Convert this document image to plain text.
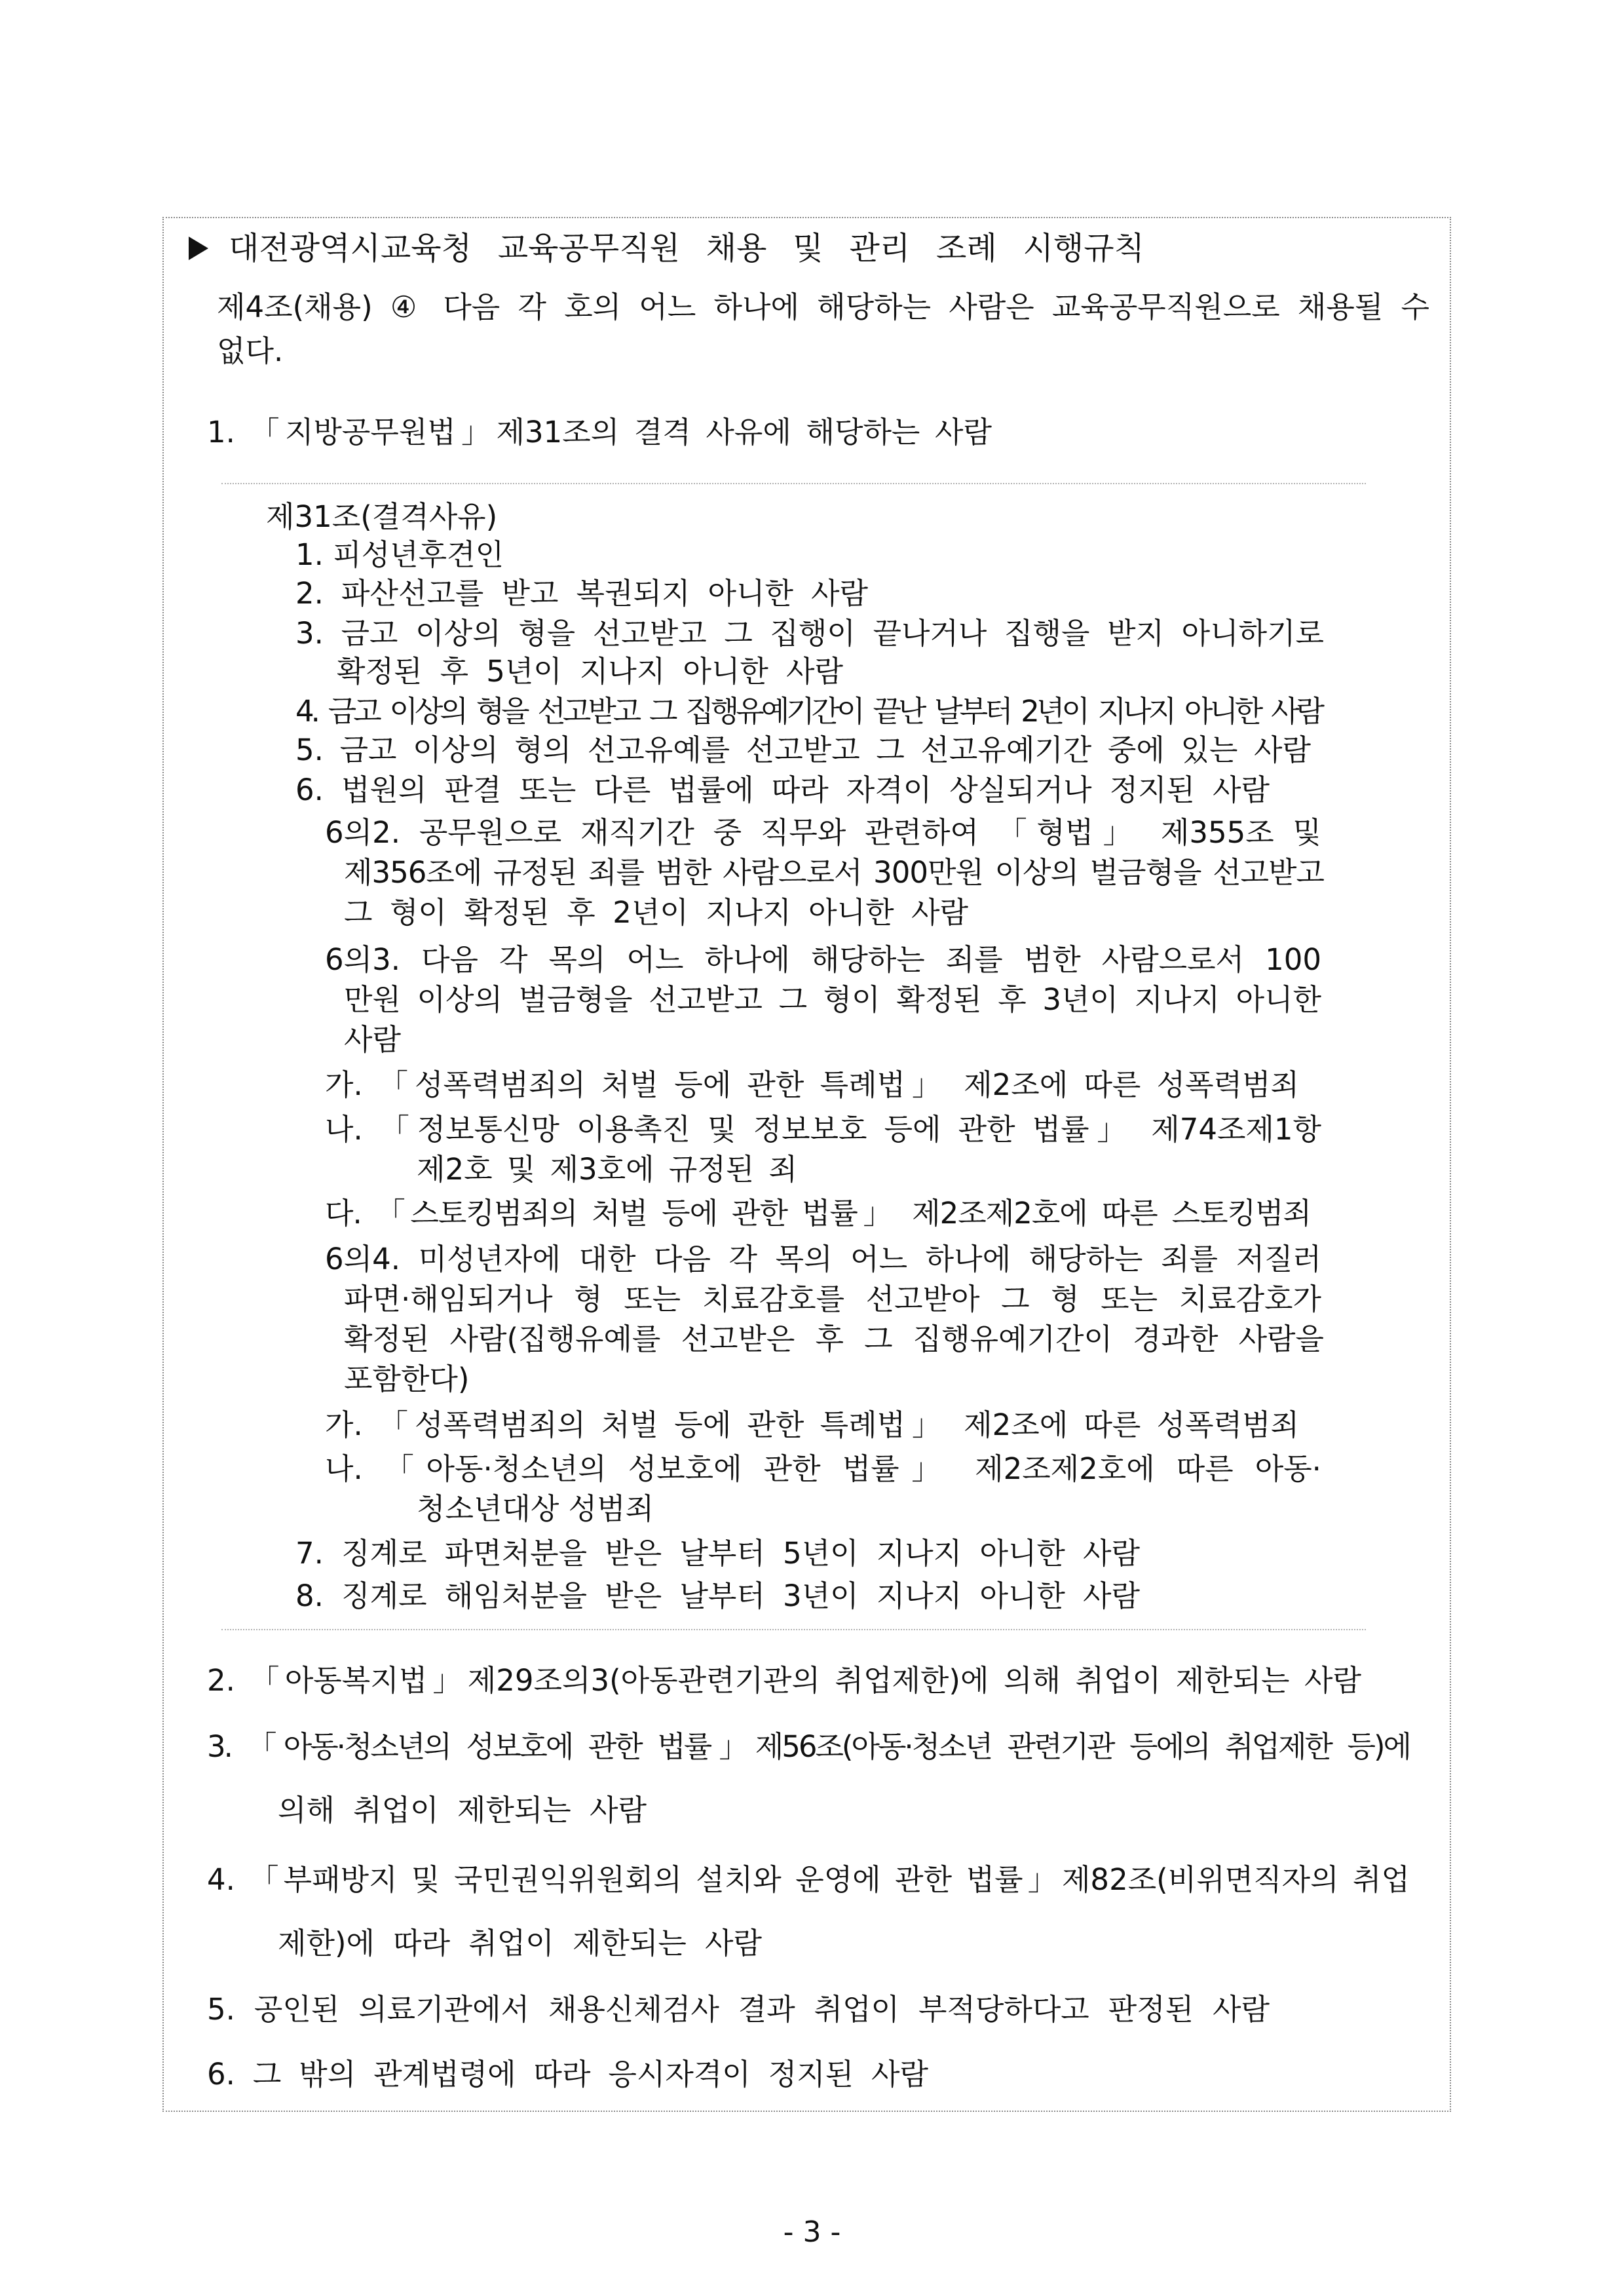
대전광역시교육청 교육공무직원 채용 및 관리 조례 시행규칙
제4조(채용) ④ 다음 각 호의 어느 하나에 해당하는 사람은 교육공무직원으로 채용될 수
없다.
1. 「지방공무원법」제31조의 결격 사유에 해당하는 사람
제31조(결격사유)
1. 피성년후견인
2. 파산선고를 받고 복권되지 아니한 사람
3. 금고 이상의 형을 선고받고 그 집행이 끝나거나 집행을 받지 아니하기로
확정된 후 5년이 지나지 아니한 사람
4. 금고 이상의 형을 선고받고 그 집행유예기간이 끝난 날부터 2년이 지나지 아니한 사람
5. 금고 이상의 형의 선고유예를 선고받고 그 선고유예기간 중에 있는 사람
6. 법원의 판결 또는 다른 법률에 따라 자격이 상실되거나 정지된 사람
6의2. 공무원으로 재직기간 중 직무와 관련하여 「형법」 제355조 및
제356조에 규정된 죄를 범한 사람으로서 300만원 이상의 벌금형을 선고받고
그 형이 확정된 후 2년이 지나지 아니한 사람
6의3. 다음 각 목의 어느 하나에 해당하는 죄를 범한 사람으로서 100
만원 이상의 벌금형을 선고받고 그 형이 확정된 후 3년이 지나지 아니한
사람
가. 「성폭력범죄의 처벌 등에 관한 특례법」 제2조에 따른 성폭력범죄
나. 「정보통신망 이용촉진 및 정보보호 등에 관한 법률」 제74조제1항
제2호 및 제3호에 규정된 죄
다. 「스토킹범죄의 처벌 등에 관한 법률」 제2조제2호에 따른 스토킹범죄
6의4. 미성년자에 대한 다음 각 목의 어느 하나에 해당하는 죄를 저질러
파면·해임되거나 형 또는 치료감호를 선고받아 그 형 또는 치료감호가
확정된 사람(집행유예를 선고받은 후 그 집행유예기간이 경과한 사람을
포함한다)
가. 「성폭력범죄의 처벌 등에 관한 특례법」 제2조에 따른 성폭력범죄
나. 「아동·청소년의 성보호에 관한 법률」 제2조제2호에 따른 아동·
청소년대상 성범죄
7. 징계로 파면처분을 받은 날부터 5년이 지나지 아니한 사람
8. 징계로 해임처분을 받은 날부터 3년이 지나지 아니한 사람
2. 「아동복지법」제29조의3(아동관련기관의 취업제한)에 의해 취업이 제한되는 사람
3. 「아동·청소년의 성보호에 관한 법률」제56조(아동·청소년 관련기관 등에의 취업제한 등)에
의해 취업이 제한되는 사람
4. 「부패방지 및 국민권익위원회의 설치와 운영에 관한 법률」제82조(비위면직자의 취업
제한)에 따라 취업이 제한되는 사람
5. 공인된 의료기관에서 채용신체검사 결과 취업이 부적당하다고 판정된 사람
6. 그 밖의 관계법령에 따라 응시자격이 정지된 사람
- 3 -
